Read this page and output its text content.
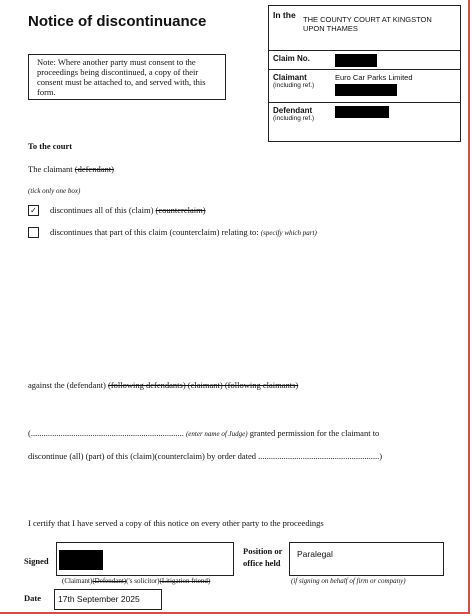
Notice of discontinuance
Note: Where another party must consent to the proceedings being discontinued, a copy of their consent must be attached to, and served with, this form.
In the THE COUNTY COURT AT KINGSTON UPON THAMES
Claim No.
Claimant
(including ref.)
Euro Car Parks Limited
Defendant
(including ref.)
To the court
The claimant (defendant)
(tick only one box)
✓ discontinues all of this (claim) (counterclaim)
discontinues that part of this claim (counterclaim) relating to: (specify which part)
against the (defendant) (following defendants) (claimant) (following claimants)
(........................................................................ (enter name of Judge) granted permission for the claimant to
discontinue (all) (part) of this (claim)(counterclaim) by order dated .........................................................)
I certify that I have served a copy of this notice on every other party to the proceedings
Signed
(Claimant)(Defendant)('s solicitor)(Litigation friend)
Position or office held
Paralegal
(if signing on behalf of firm or company)
Date	17th September 2025
